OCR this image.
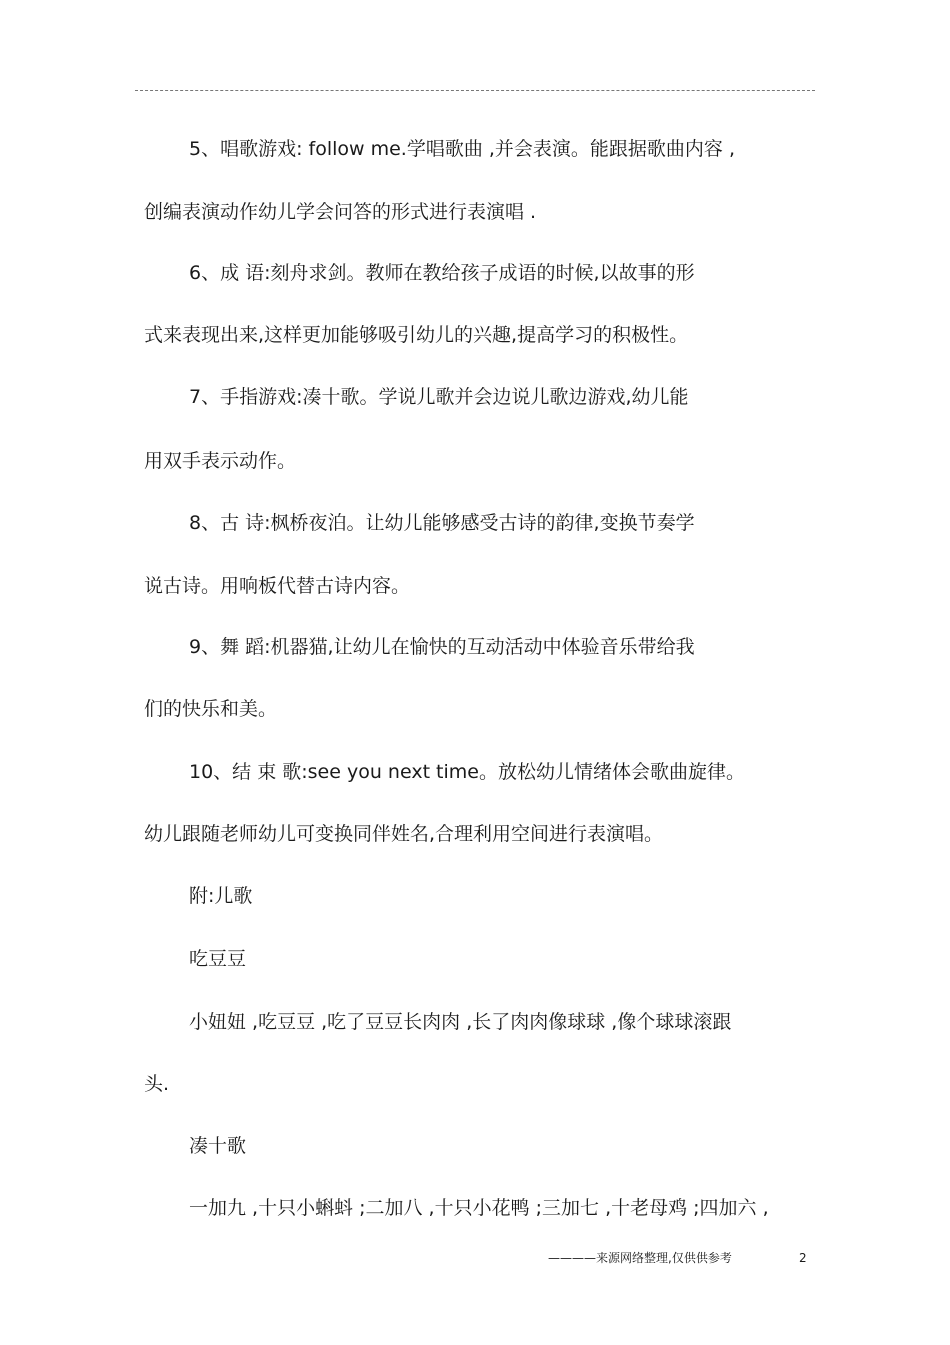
5、唱歌游戏: follow me.学唱歌曲 ,并会表演。能跟据歌曲内容 ,
创编表演动作幼儿学会问答的形式进行表演唱 .
6、成 语:刻舟求剑。教师在教给孩子成语的时候,以故事的形
式来表现出来,这样更加能够吸引幼儿的兴趣,提高学习的积极性。
7、手指游戏:凑十歌。学说儿歌并会边说儿歌边游戏,幼儿能
用双手表示动作。
8、古 诗:枫桥夜泊。让幼儿能够感受古诗的韵律,变换节奏学
说古诗。用响板代替古诗内容。
9、舞 蹈:机器猫,让幼儿在愉快的互动活动中体验音乐带给我
们的快乐和美。
10、结 束 歌:see you next time。放松幼儿情绪体会歌曲旋律。
幼儿跟随老师幼儿可变换同伴姓名,合理利用空间进行表演唱。
附:儿歌
吃豆豆
小妞妞 ,吃豆豆 ,吃了豆豆长肉肉 ,长了肉肉像球球 ,像个球球滚跟
头.
凑十歌
一加九 ,十只小蝌蚪 ;二加八 ,十只小花鸭 ;三加七 ,十老母鸡 ;四加六 ,
————来源网络整理,仅供供参考	2
